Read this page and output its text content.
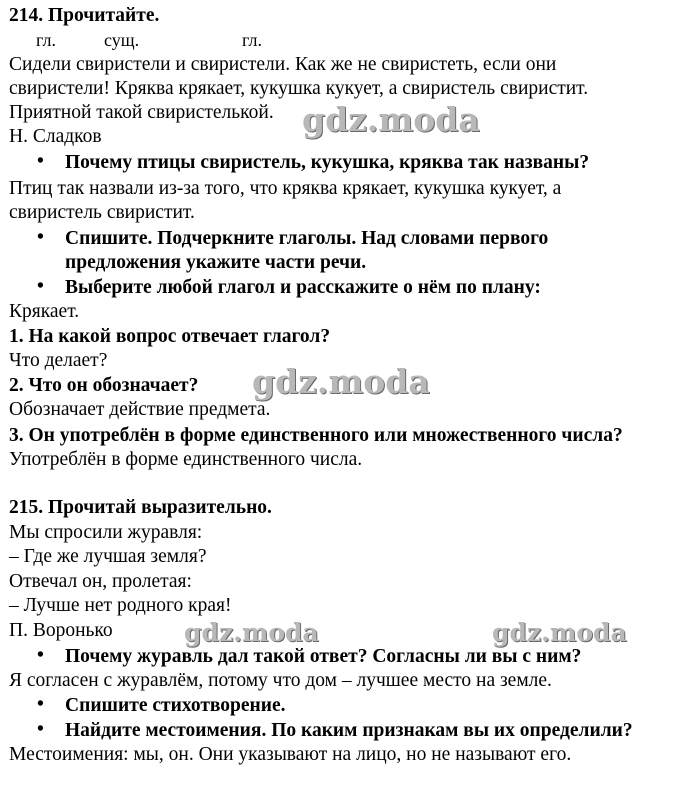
214. Прочитайте.
гл.	сущ.	гл.
Сидели свиристели и свиристели. Как же не свиристеть, если они
свиристели! Кряква крякает, кукушка кукует, а свиристель свиристит.
Приятной такой свиристелькой.
Н. Сладков
• Почему птицы свиристель, кукушка, кряква так названы?
Птиц так назвали из-за того, что кряква крякает, кукушка кукует, а
свиристель свиристит.
• Спишите. Подчеркните глаголы. Над словами первого
предложения укажите части речи.
• Выберите любой глагол и расскажите о нём по плану:
Крякает.
1. На какой вопрос отвечает глагол?
Что делает?
2. Что он обозначает?
Обозначает действие предмета.
3. Он употреблён в форме единственного или множественного числа?
Употреблён в форме единственного числа.
215. Прочитай выразительно.
Мы спросили журавля:
– Где же лучшая земля?
Отвечал он, пролетая:
– Лучше нет родного края!
П. Воронько
• Почему журавль дал такой ответ? Согласны ли вы с ним?
Я согласен с журавлём, потому что дом – лучшее место на земле.
• Спишите стихотворение.
• Найдите местоимения. По каким признакам вы их определили?
Местоимения: мы, он. Они указывают на лицо, но не называют его.
gdz.moda
gdz.moda
gdz.moda	gdz.moda
